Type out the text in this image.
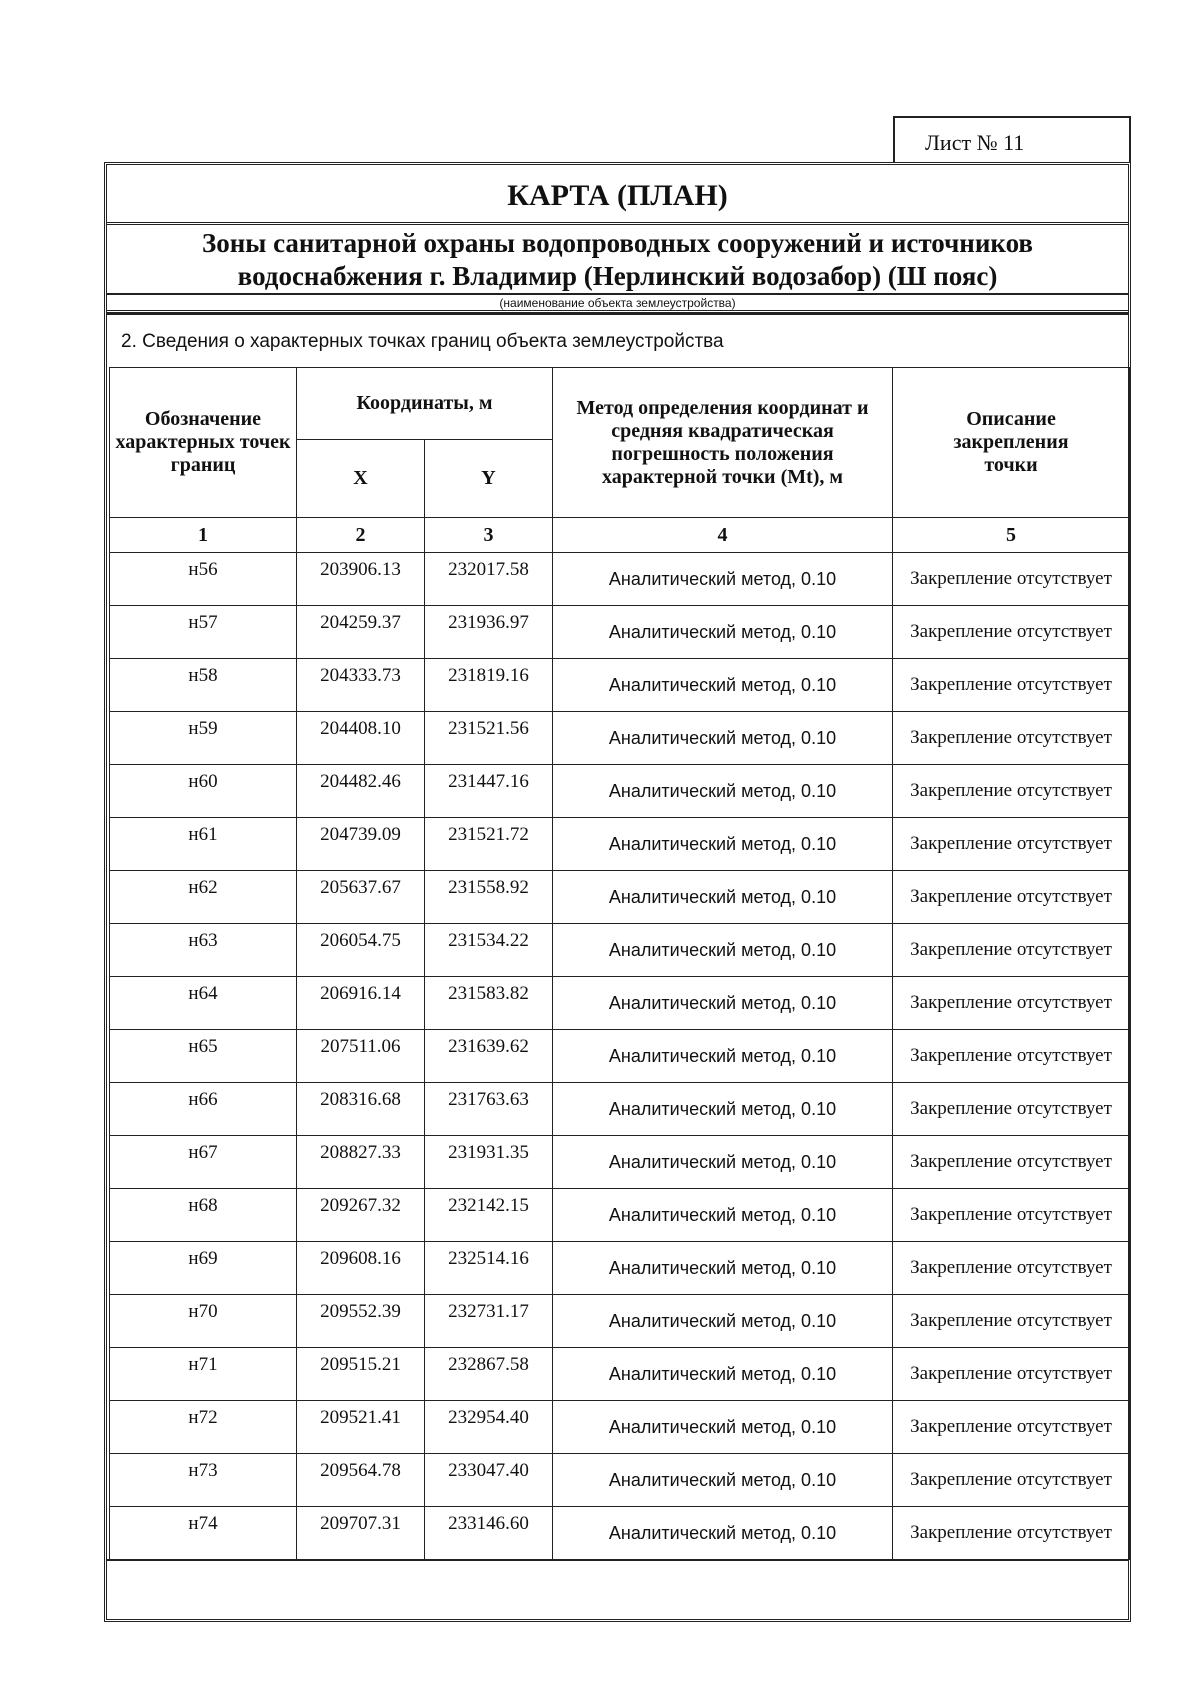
Лист № 11
КАРТА (ПЛАН)
Зоны санитарной охраны водопроводных сооружений и источников водоснабжения г. Владимир (Нерлинский водозабор) (Ш пояс)
(наименование объекта землеустройства)
2. Сведения о характерных точках границ объекта землеустройства
Обозначение характерных точек границ	Координаты, м		Метод определения координат и средняя квадратическая погрешность положения характерной точки (Mt), м	Описание закрепления точки
	X	Y		
1	2	3	4	5
н56	203906.13	232017.58	Аналитический метод, 0.10	Закрепление отсутствует
н57	204259.37	231936.97	Аналитический метод, 0.10	Закрепление отсутствует
н58	204333.73	231819.16	Аналитический метод, 0.10	Закрепление отсутствует
н59	204408.10	231521.56	Аналитический метод, 0.10	Закрепление отсутствует
н60	204482.46	231447.16	Аналитический метод, 0.10	Закрепление отсутствует
н61	204739.09	231521.72	Аналитический метод, 0.10	Закрепление отсутствует
н62	205637.67	231558.92	Аналитический метод, 0.10	Закрепление отсутствует
н63	206054.75	231534.22	Аналитический метод, 0.10	Закрепление отсутствует
н64	206916.14	231583.82	Аналитический метод, 0.10	Закрепление отсутствует
н65	207511.06	231639.62	Аналитический метод, 0.10	Закрепление отсутствует
н66	208316.68	231763.63	Аналитический метод, 0.10	Закрепление отсутствует
н67	208827.33	231931.35	Аналитический метод, 0.10	Закрепление отсутствует
н68	209267.32	232142.15	Аналитический метод, 0.10	Закрепление отсутствует
н69	209608.16	232514.16	Аналитический метод, 0.10	Закрепление отсутствует
н70	209552.39	232731.17	Аналитический метод, 0.10	Закрепление отсутствует
н71	209515.21	232867.58	Аналитический метод, 0.10	Закрепление отсутствует
н72	209521.41	232954.40	Аналитический метод, 0.10	Закрепление отсутствует
н73	209564.78	233047.40	Аналитический метод, 0.10	Закрепление отсутствует
н74	209707.31	233146.60	Аналитический метод, 0.10	Закрепление отсутствует
